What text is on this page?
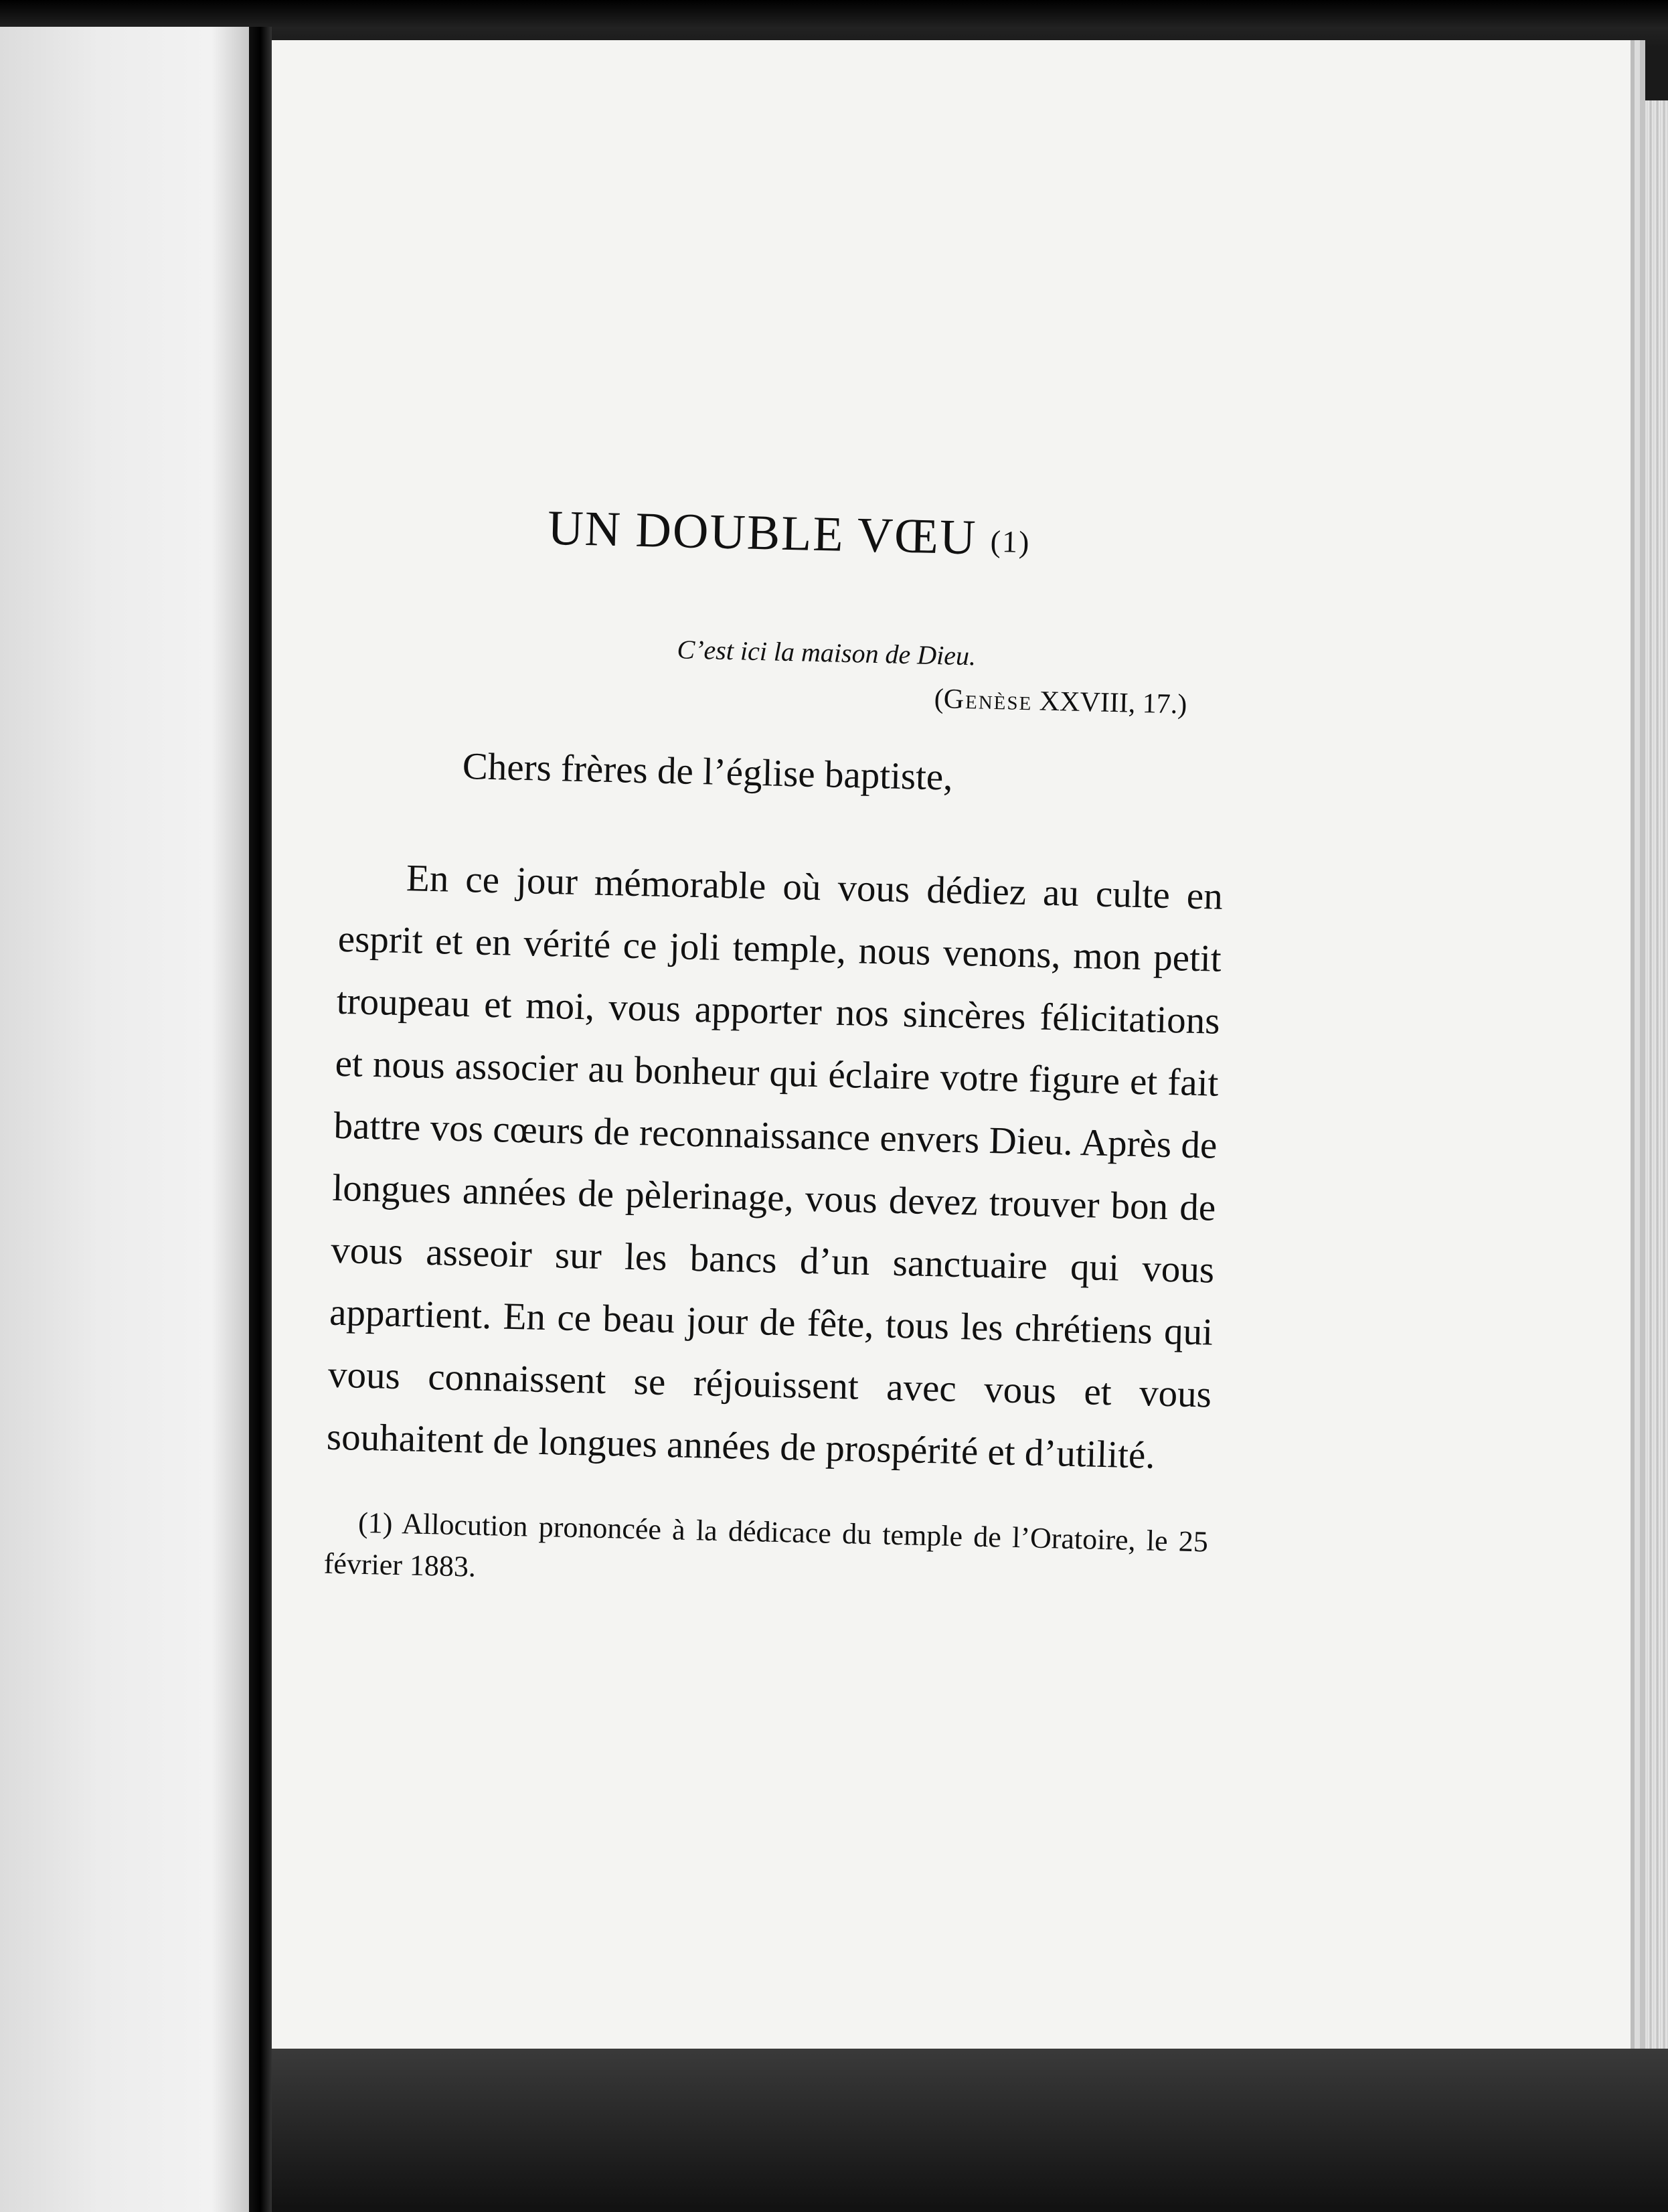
UN DOUBLE VŒU (1)
C’est ici la maison de Dieu.
(Genèse XXVIII, 17.)
Chers frères de l’église baptiste,

En ce jour mémorable où vous dédiez au culte en esprit et en vérité ce joli temple, nous venons, mon petit troupeau et moi, vous apporter nos sincères félicitations et nous associer au bonheur qui éclaire votre figure et fait battre vos cœurs de reconnaissance envers Dieu. Après de longues années de pèlerinage, vous devez trouver bon de vous asseoir sur les bancs d’un sanctuaire qui vous appartient. En ce beau jour de fête, tous les chrétiens qui vous connaissent se réjouissent avec vous et vous souhaitent de longues années de prospérité et d’utilité.

(1) Allocution prononcée à la dédicace du temple de l’Oratoire, le 25 février 1883.
